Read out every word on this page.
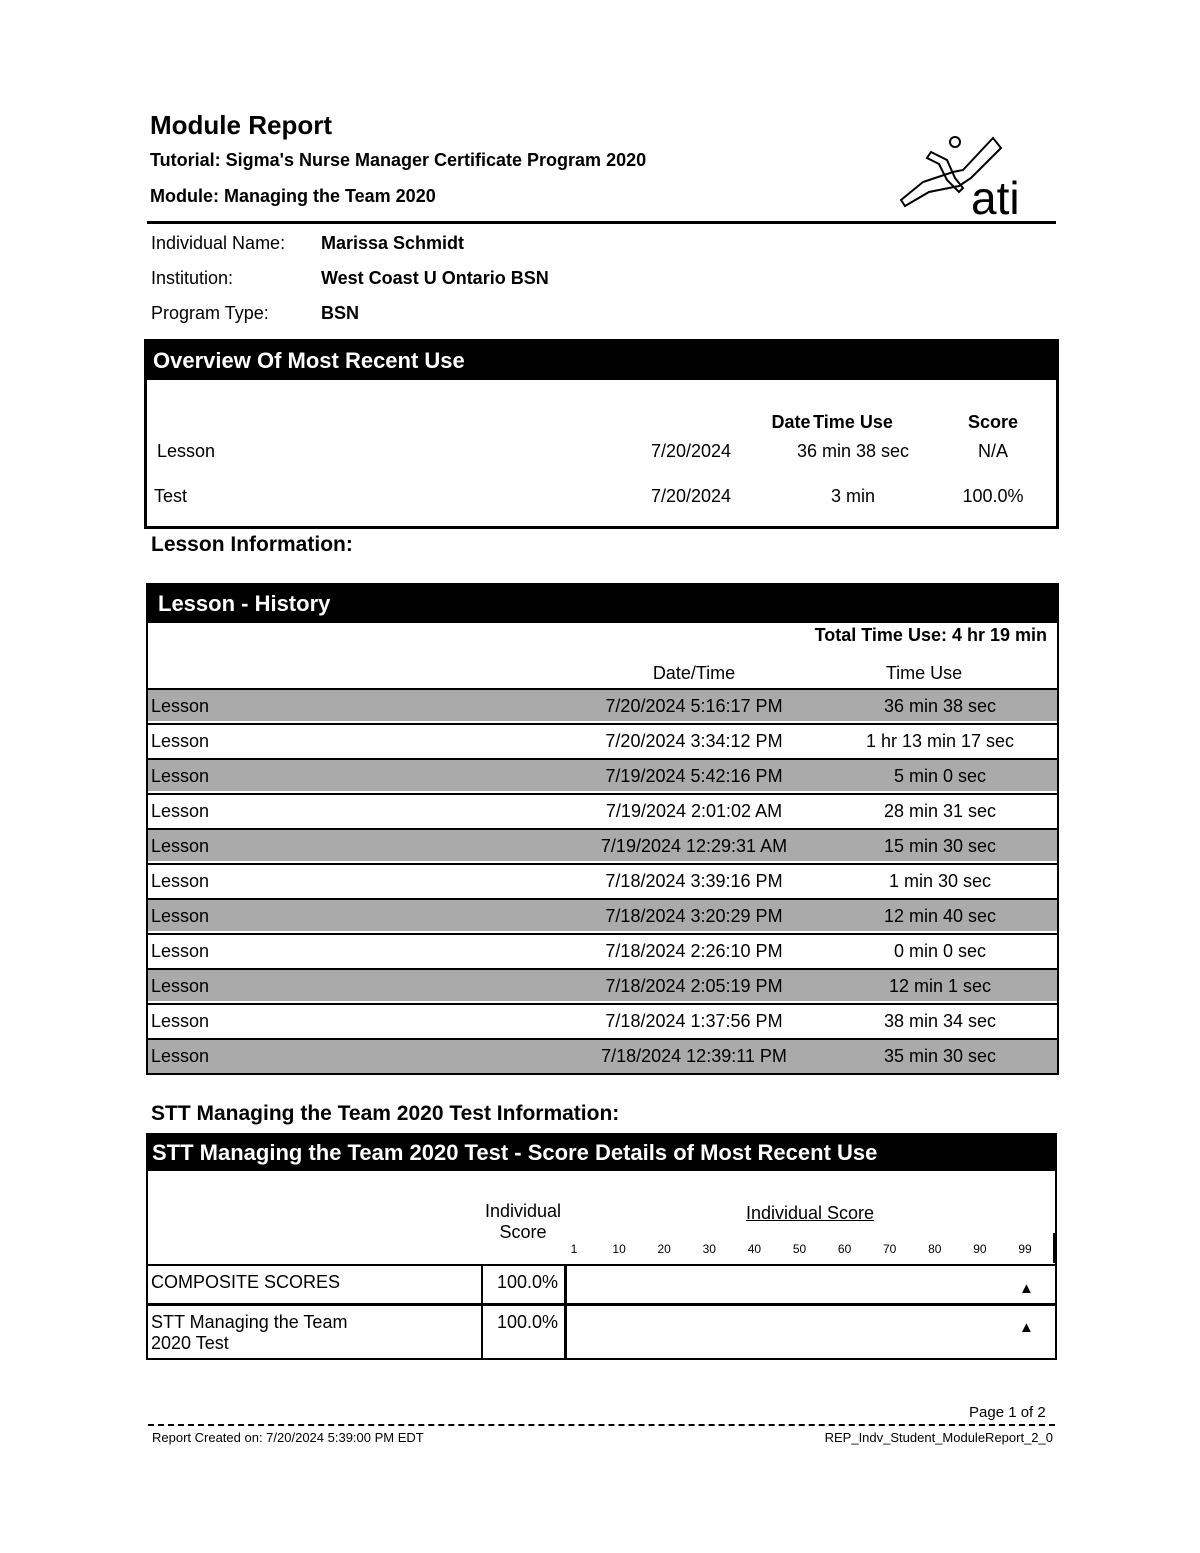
Module Report
Tutorial: Sigma's Nurse Manager Certificate Program 2020
Module: Managing the Team 2020	ati
Individual Name: Marissa Schmidt
Institution:	West Coast U Ontario BSN
Program Type:	BSN
Overview Of Most Recent Use
Date Time Use	Score
Lesson	7/20/2024	36 min 38 sec	N/A
Test	7/20/2024	3 min	100.0%
Lesson Information:
Lesson - History
Total Time Use: 4 hr 19 min
Date/Time	Time Use
Lesson	7/20/2024 5:16:17 PM	36 min 38 sec
Lesson	7/20/2024 3:34:12 PM	1 hr 13 min 17 sec
Lesson	7/19/2024 5:42:16 PM	5 min 0 sec
Lesson	7/19/2024 2:01:02 AM	28 min 31 sec
Lesson	7/19/2024 12:29:31 AM	15 min 30 sec
Lesson	7/18/2024 3:39:16 PM	1 min 30 sec
Lesson	7/18/2024 3:20:29 PM	12 min 40 sec
Lesson	7/18/2024 2:26:10 PM	0 min 0 sec
Lesson	7/18/2024 2:05:19 PM	12 min 1 sec
Lesson	7/18/2024 1:37:56 PM	38 min 34 sec
Lesson	7/18/2024 12:39:11 PM	35 min 30 sec
STT Managing the Team 2020 Test Information:
STT Managing the Team 2020 Test - Score Details of Most Recent Use
Individual
Score
Individual Score
1	10	20	30	40	50	60	70	80	90	99
COMPOSITE SCORES	100.0%	▲
STT Managing the Team
2020 Test
100.0%	▲
Page 1 of 2
Report Created on: 7/20/2024 5:39:00 PM EDT	REP_Indv_Student_ModuleReport_2_0
